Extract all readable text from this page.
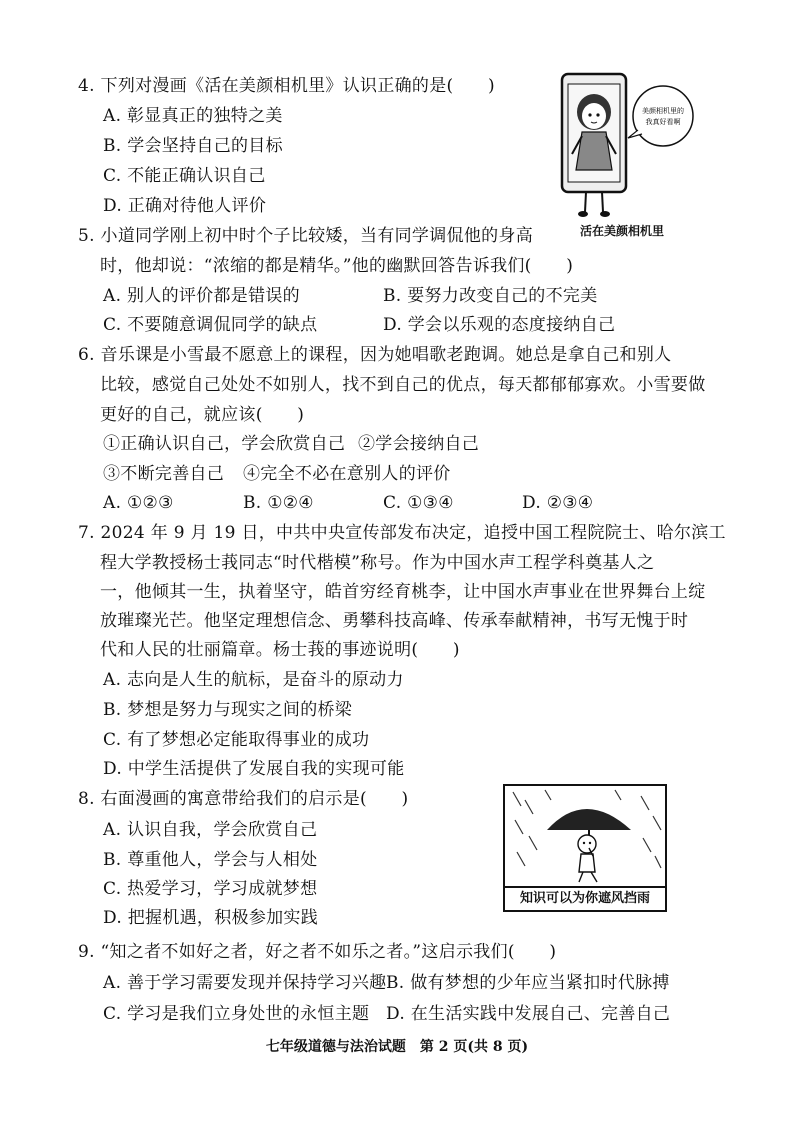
4. 下列对漫画《活在美颜相机里》认识正确的是(　　)
A. 彰显真正的独特之美
B. 学会坚持自己的目标
C. 不能正确认识自己
D. 正确对待他人评价
美颜相机里的
我真好看啊
活在美颜相机里
5. 小道同学刚上初中时个子比较矮，当有同学调侃他的身高
时，他却说：“浓缩的都是精华。”他的幽默回答告诉我们(　　)
A. 别人的评价都是错误的	B. 要努力改变自己的不完美
C. 不要随意调侃同学的缺点	D. 学会以乐观的态度接纳自己
6. 音乐课是小雪最不愿意上的课程，因为她唱歌老跑调。她总是拿自己和别人
比较，感觉自己处处不如别人，找不到自己的优点，每天都郁郁寡欢。小雪要做
更好的自己，就应该(　　)
①正确认识自己，学会欣赏自己 ②学会接纳自己
③不断完善自己 ④完全不必在意别人的评价
A. ①②③	B. ①②④	C. ①③④	D. ②③④
7. 2024 年 9 月 19 日，中共中央宣传部发布决定，追授中国工程院院士、哈尔滨工
程大学教授杨士莪同志“时代楷模”称号。作为中国水声工程学科奠基人之
一，他倾其一生，执着坚守，皓首穷经育桃李，让中国水声事业在世界舞台上绽
放璀璨光芒。他坚定理想信念、勇攀科技高峰、传承奉献精神，书写无愧于时
代和人民的壮丽篇章。杨士莪的事迹说明(　　)
A. 志向是人生的航标，是奋斗的原动力
B. 梦想是努力与现实之间的桥梁
C. 有了梦想必定能取得事业的成功
D. 中学生活提供了发展自我的实现可能
8. 右面漫画的寓意带给我们的启示是(　　)
A. 认识自我，学会欣赏自己
B. 尊重他人，学会与人相处
C. 热爱学习，学习成就梦想
D. 把握机遇，积极参加实践
知识可以为你遮风挡雨
9. “知之者不如好之者，好之者不如乐之者。”这启示我们(　　)
A. 善于学习需要发现并保持学习兴趣 B. 做有梦想的少年应当紧扣时代脉搏
C. 学习是我们立身处世的永恒主题 D. 在生活实践中发展自己、完善自己
七年级道德与法治试题　第 2 页(共 8 页)
